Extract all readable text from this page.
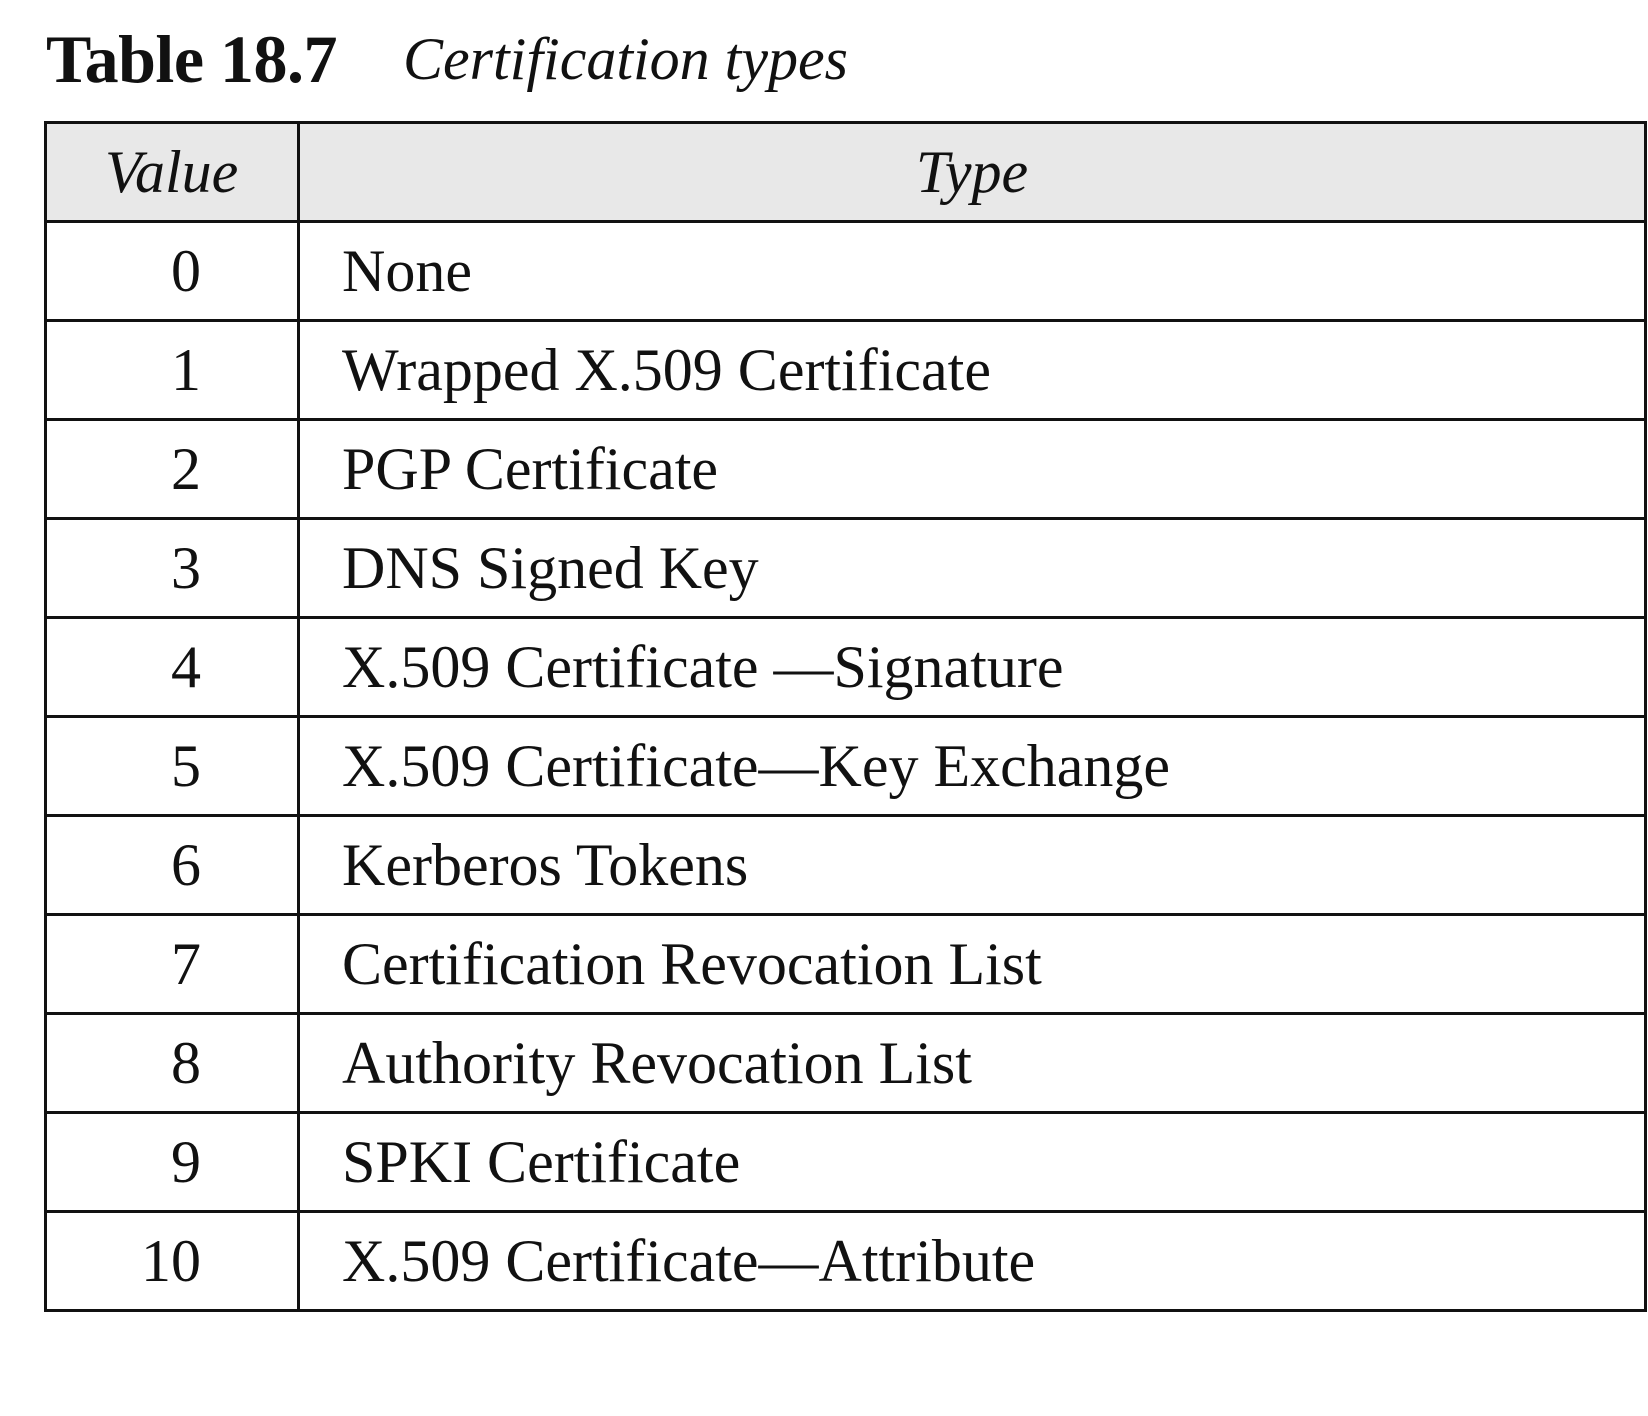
Table 18.7 Certification types
Value	Type
0	None
1	Wrapped X.509 Certificate
2	PGP Certificate
3	DNS Signed Key
4	X.509 Certificate —Signature
5	X.509 Certificate—Key Exchange
6	Kerberos Tokens
7	Certification Revocation List
8	Authority Revocation List
9	SPKI Certificate
10	X.509 Certificate—Attribute
